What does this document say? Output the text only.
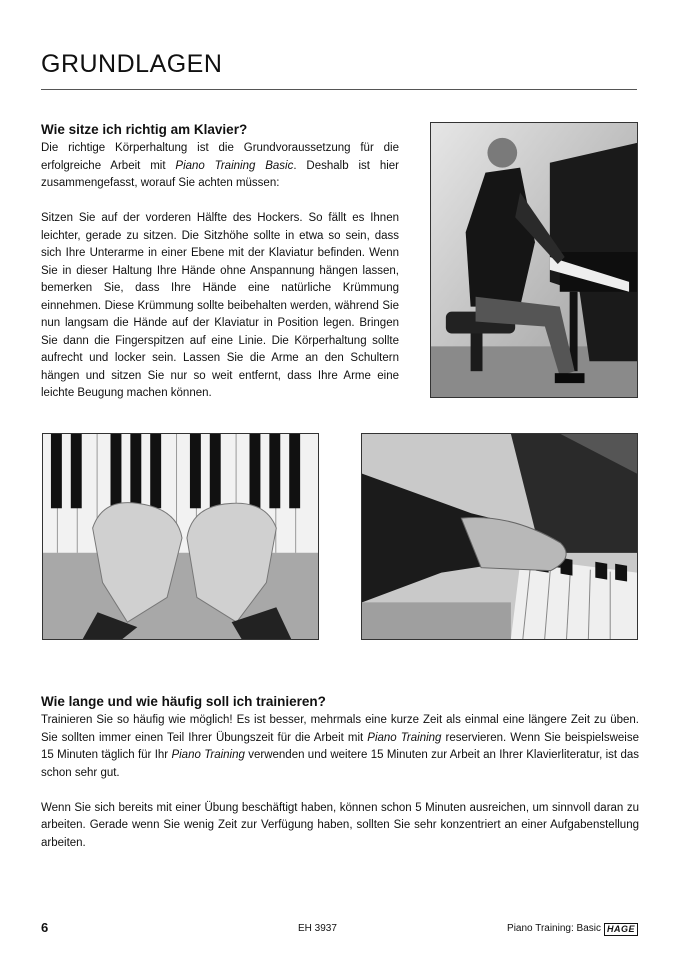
GRUNDLAGEN
Wie sitze ich richtig am Klavier?

Die richtige Körperhaltung ist die Grundvoraussetzung für die erfolgreiche Arbeit mit Piano Training Basic. Deshalb ist hier zusammengefasst, worauf Sie achten müssen:

Sitzen Sie auf der vorderen Hälfte des Hockers. So fällt es Ihnen leichter, gerade zu sitzen. Die Sitzhöhe sollte in etwa so sein, dass sich Ihre Unterarme in einer Ebene mit der Klaviatur befinden. Wenn Sie in dieser Haltung Ihre Hände ohne Anspannung hängen lassen, bemerken Sie, dass Ihre Hände eine natürliche Krümmung einnehmen. Diese Krümmung sollte beibehalten werden, während Sie nun langsam die Hände auf der Klaviatur in Position legen. Bringen Sie dann die Fingerspitzen auf eine Linie. Die Körperhaltung sollte aufrecht und locker sein. Lassen Sie die Arme an den Schultern hängen und sitzen Sie nur so weit entfernt, dass Ihre Arme eine leichte Beugung machen können.

Wie lange und wie häufig soll ich trainieren?

Trainieren Sie so häufig wie möglich! Es ist besser, mehrmals eine kurze Zeit als einmal eine längere Zeit zu üben. Sie sollten immer einen Teil Ihrer Übungszeit für die Arbeit mit Piano Training reservieren. Wenn Sie beispielsweise 15 Minuten täglich für Ihr Piano Training verwenden und weitere 15 Minuten zur Arbeit an Ihrer Klavierliteratur, ist das schon sehr gut.

Wenn Sie sich bereits mit einer Übung beschäftigt haben, können schon 5 Minuten ausreichen, um sinnvoll daran zu arbeiten. Gerade wenn Sie wenig Zeit zur Verfügung haben, sollten Sie sehr konzentriert an einer Aufgabenstellung arbeiten.

6	EH 3937	Piano Training: Basic HAGE
